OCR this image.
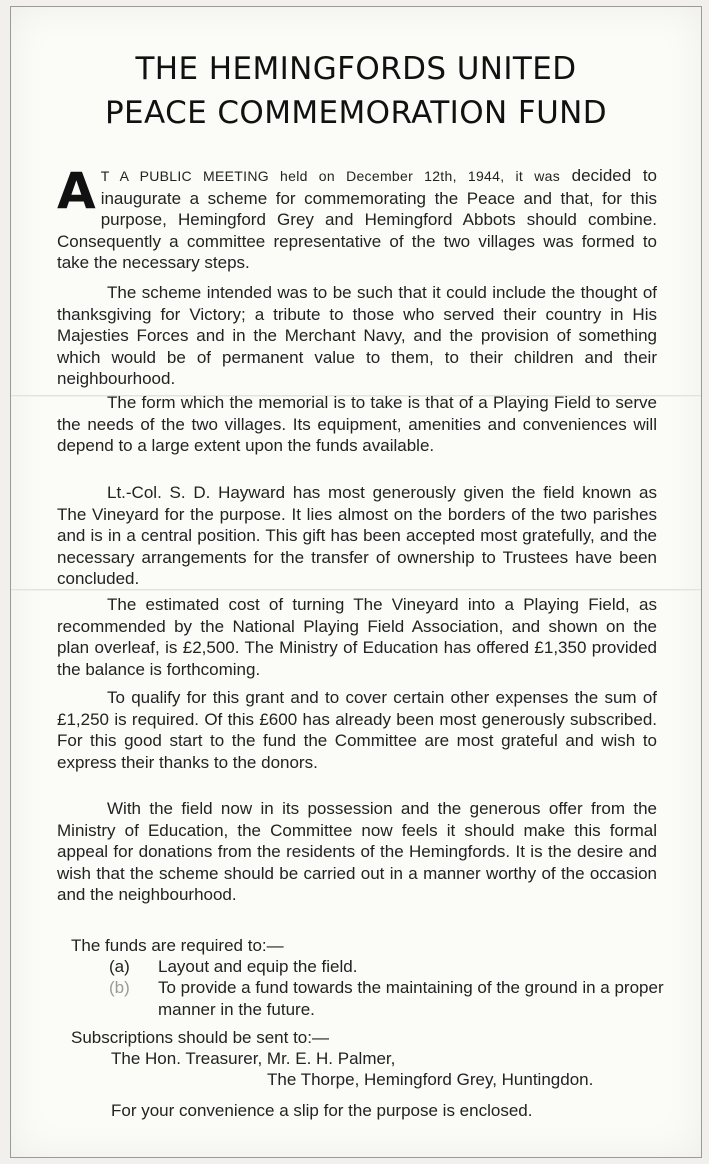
THE HEMINGFORDS UNITED
PEACE COMMEMORATION FUND

A T A PUBLIC MEETING held on December 12th, 1944, it was decided to inaugurate a scheme for commemorating the Peace and that, for this purpose, Hemingford Grey and Hemingford Abbots should combine. Consequently a committee representative of the two villages was formed to take the necessary steps.

The scheme intended was to be such that it could include the thought of thanksgiving for Victory; a tribute to those who served their country in His Majesties Forces and in the Merchant Navy, and the provision of something which would be of permanent value to them, to their children and their neighbourhood.

The form which the memorial is to take is that of a Playing Field to serve the needs of the two villages. Its equipment, amenities and conveniences will depend to a large extent upon the funds available.

Lt.-Col. S. D. Hayward has most generously given the field known as The Vineyard for the purpose. It lies almost on the borders of the two parishes and is in a central position. This gift has been accepted most gratefully, and the necessary arrangements for the transfer of ownership to Trustees have been concluded.

The estimated cost of turning The Vineyard into a Playing Field, as recommended by the National Playing Field Association, and shown on the plan overleaf, is £2,500. The Ministry of Education has offered £1,350 provided the balance is forthcoming.

To qualify for this grant and to cover certain other expenses the sum of £1,250 is required. Of this £600 has already been most generously subscribed. For this good start to the fund the Committee are most grateful and wish to express their thanks to the donors.

With the field now in its possession and the generous offer from the Ministry of Education, the Committee now feels it should make this formal appeal for donations from the residents of the Hemingfords. It is the desire and wish that the scheme should be carried out in a manner worthy of the occasion and the neighbourhood.

The funds are required to:—
(a) Layout and equip the field.
(b) To provide a fund towards the maintaining of the ground in a proper manner in the future.
Subscriptions should be sent to:—
The Hon. Treasurer, Mr. E. H. Palmer,
The Thorpe, Hemingford Grey, Huntingdon.
For your convenience a slip for the purpose is enclosed.
